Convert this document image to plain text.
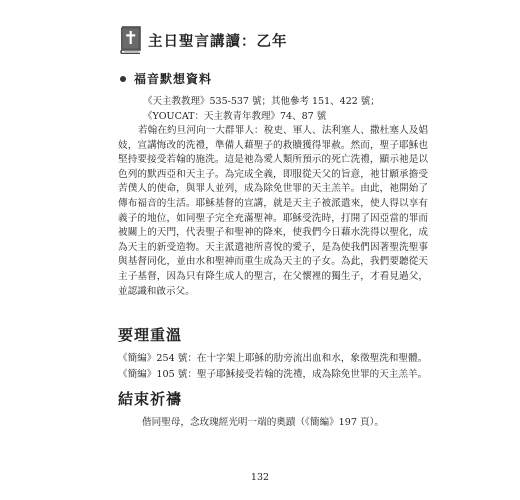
主日聖言講讀：乙年
福音默想資料
《天主教教理》535-537 號；其他參考 151、422 號；
《YOUCAT：天主教青年教理》74、87 號

若翰在約旦河向一大群罪人：稅吏、軍人、法利塞人、撒杜塞人及娼妓，宣講悔改的洗禮，準備人藉聖子的救贖獲得罪赦。然而，聖子耶穌也堅持要接受若翰的施洗。這是祂為愛人類所預示的死亡洗禮，顯示祂是以色列的默西亞和天主子。為完成全義，即服從天父的旨意，祂甘願承擔受苦僕人的使命，與罪人並列，成為除免世罪的天主羔羊。由此，祂開始了傳布福音的生活。耶穌基督的宣講，就是天主子被派遣來，使人得以享有義子的地位，如同聖子完全充滿聖神。耶穌受洗時，打開了因亞當的罪而被關上的天門，代表聖子和聖神的降來，使我們今日藉水洗得以聖化，成為天主的新受造物。天主派遣祂所喜悅的愛子，是為使我們因著聖洗聖事與基督同化，並由水和聖神而重生成為天主的子女。為此，我們要聽從天主子基督，因為只有降生成人的聖言，在父懷裡的獨生子，才看見過父，並認識和啟示父。

要理重溫

《簡編》254 號：在十字架上耶穌的肋旁流出血和水，象徵聖洗和聖體。

《簡編》105 號：聖子耶穌接受若翰的洗禮，成為除免世罪的天主羔羊。

結束祈禱

偕同聖母，念玫瑰經光明一端的奧蹟（《簡編》197 頁）。

132
